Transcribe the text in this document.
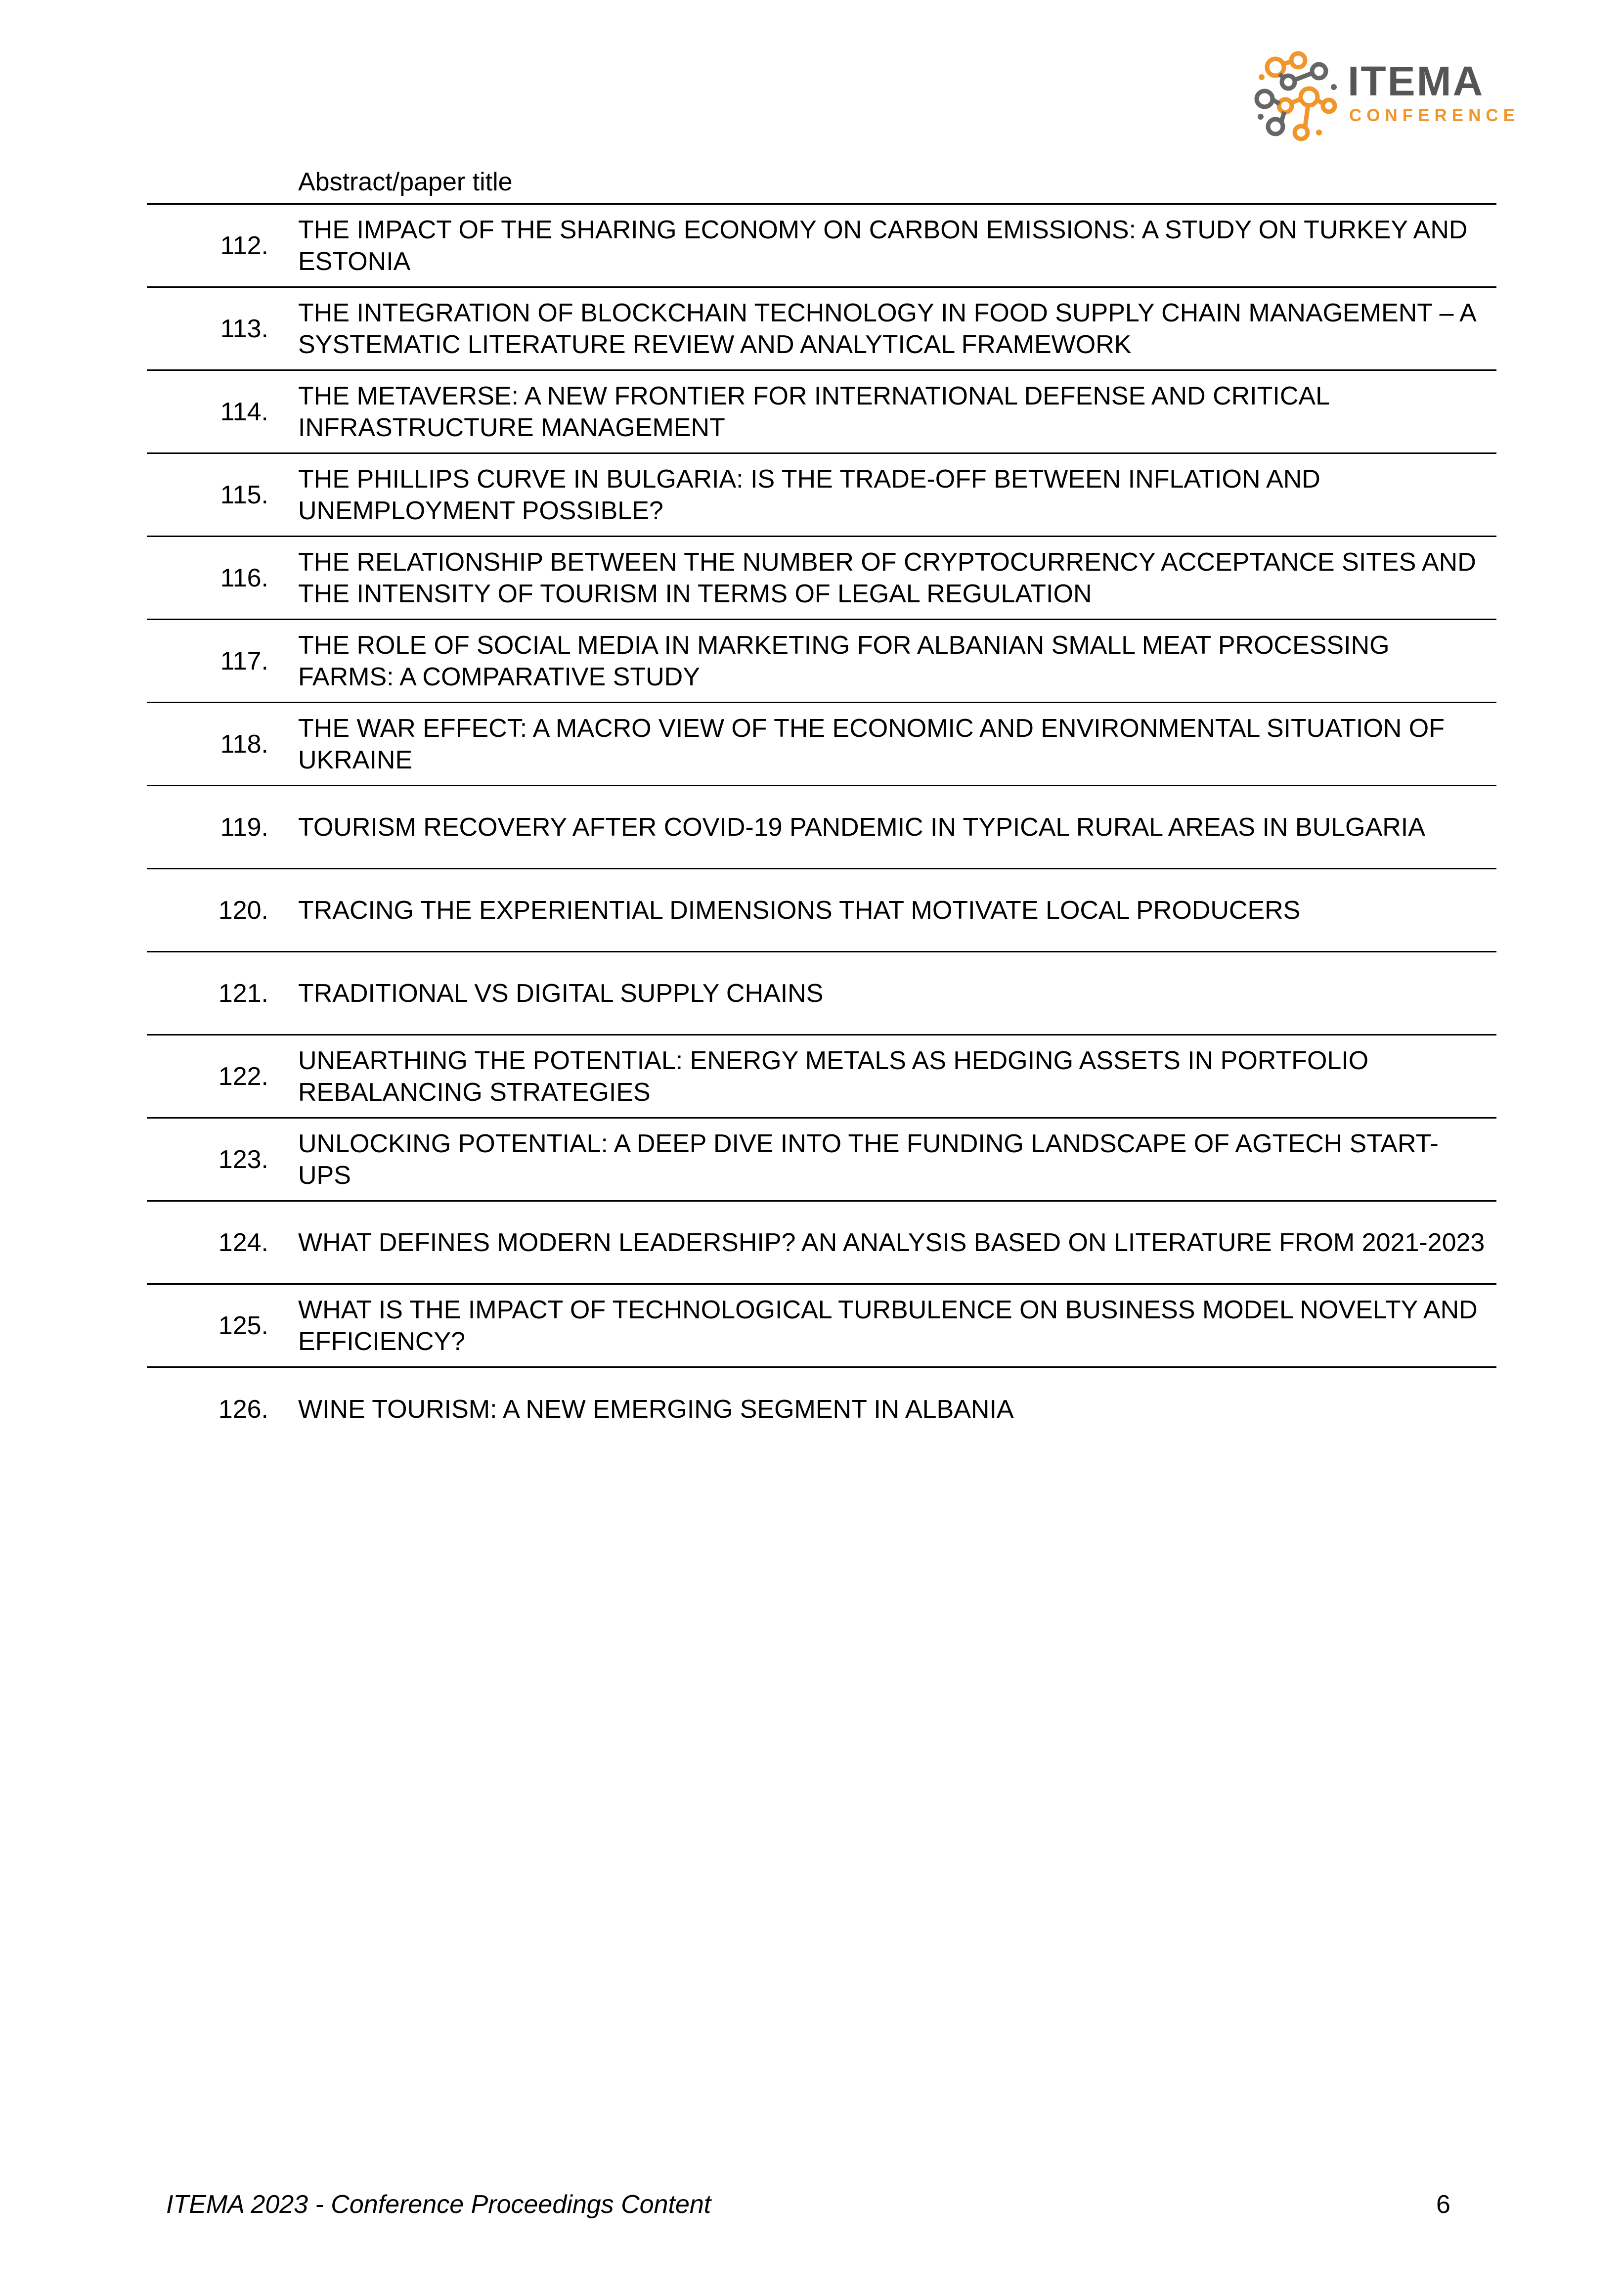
ITEMA
CONFERENCE
Abstract/paper title
112.
THE IMPACT OF THE SHARING ECONOMY ON CARBON EMISSIONS: A STUDY ON TURKEY AND ESTONIA
113.
THE INTEGRATION OF BLOCKCHAIN TECHNOLOGY IN FOOD SUPPLY CHAIN MANAGEMENT – A SYSTEMATIC LITERATURE REVIEW AND ANALYTICAL FRAMEWORK
114.
THE METAVERSE: A NEW FRONTIER FOR INTERNATIONAL DEFENSE AND CRITICAL INFRASTRUCTURE MANAGEMENT
115.
THE PHILLIPS CURVE IN BULGARIA: IS THE TRADE-OFF BETWEEN INFLATION AND UNEMPLOYMENT POSSIBLE?
116.
THE RELATIONSHIP BETWEEN THE NUMBER OF CRYPTOCURRENCY ACCEPTANCE SITES AND THE INTENSITY OF TOURISM IN TERMS OF LEGAL REGULATION
117.
THE ROLE OF SOCIAL MEDIA IN MARKETING FOR ALBANIAN SMALL MEAT PROCESSING FARMS: A COMPARATIVE STUDY
118.
THE WAR EFFECT: A MACRO VIEW OF THE ECONOMIC AND ENVIRONMENTAL SITUATION OF UKRAINE
119. TOURISM RECOVERY AFTER COVID-19 PANDEMIC IN TYPICAL RURAL AREAS IN BULGARIA
120. TRACING THE EXPERIENTIAL DIMENSIONS THAT MOTIVATE LOCAL PRODUCERS
121. TRADITIONAL VS DIGITAL SUPPLY CHAINS
122.
UNEARTHING THE POTENTIAL: ENERGY METALS AS HEDGING ASSETS IN PORTFOLIO REBALANCING STRATEGIES
123.
UNLOCKING POTENTIAL: A DEEP DIVE INTO THE FUNDING LANDSCAPE OF AGTECH START-UPS
124. WHAT DEFINES MODERN LEADERSHIP? AN ANALYSIS BASED ON LITERATURE FROM 2021-2023
125.
WHAT IS THE IMPACT OF TECHNOLOGICAL TURBULENCE ON BUSINESS MODEL NOVELTY AND EFFICIENCY?
126. WINE TOURISM: A NEW EMERGING SEGMENT IN ALBANIA
ITEMA 2023 - Conference Proceedings Content	6
